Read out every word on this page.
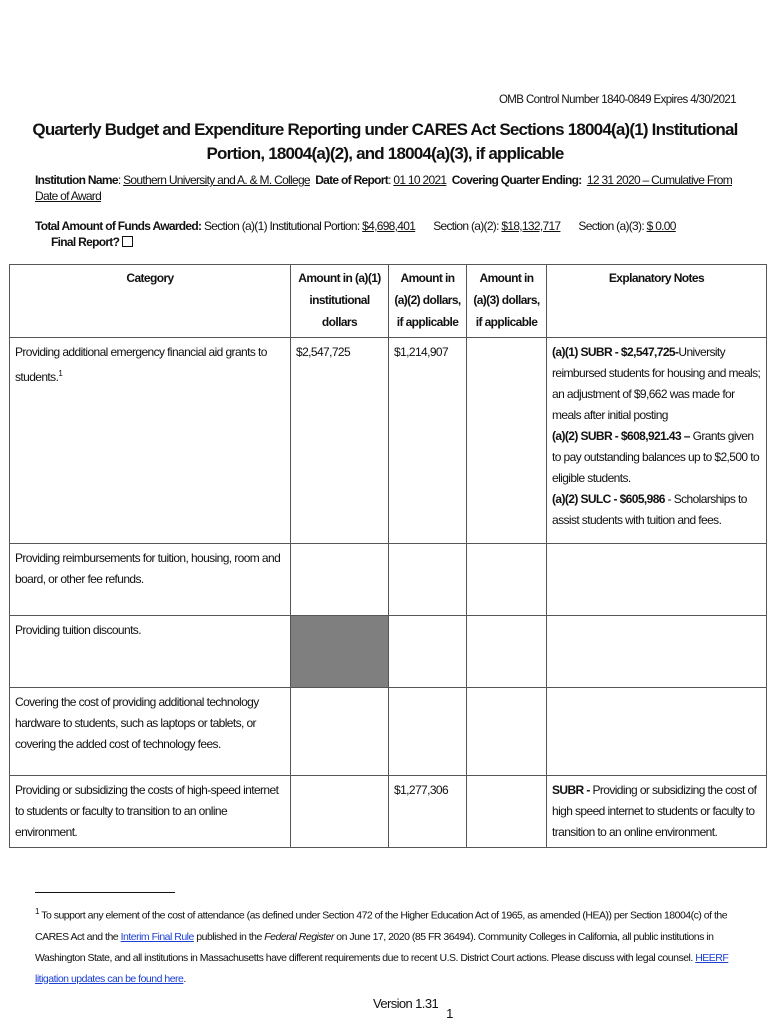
OMB Control Number 1840-0849 Expires 4/30/2021
Quarterly Budget and Expenditure Reporting under CARES Act Sections 18004(a)(1) Institutional Portion, 18004(a)(2), and 18004(a)(3), if applicable
Institution Name: Southern University and A. & M. College Date of Report: 01 10 2021 Covering Quarter Ending: 12 31 2020 – Cumulative From Date of Award
Total Amount of Funds Awarded: Section (a)(1) Institutional Portion: $4,698,401 Section (a)(2): $18,132,717 Section (a)(3): $ 0.00
Final Report?
Category	Amount in (a)(1) institutional dollars	Amount in (a)(2) dollars, if applicable	Amount in (a)(3) dollars, if applicable	Explanatory Notes
Providing additional emergency financial aid grants to students.$^1$	$2,547,725	$1,214,907		(a)(1) SUBR - $2,547,725-University reimbursed students for housing and meals; an adjustment of $9,662 was made for meals after initial posting
(a)(2) SUBR - $608,921.43 – Grants given to pay outstanding balances up to $2,500 to eligible students.
(a)(2) SULC - $605,986 - Scholarships to assist students with tuition and fees.

Providing reimbursements for tuition, housing, room and board, or other fee refunds.				
Providing tuition discounts.				
Covering the cost of providing additional technology hardware to students, such as laptops or tablets, or covering the added cost of technology fees.				
Providing or subsidizing the costs of high-speed internet to students or faculty to transition to an online environment.		$1,277,306		SUBR - Providing or subsidizing the cost of high speed internet to students or faculty to transition to an online environment.
$^1$ To support any element of the cost of attendance (as defined under Section 472 of the Higher Education Act of 1965, as amended (HEA)) per Section 18004(c) of the CARES Act and the Interim Final Rule published in the Federal Register on June 17, 2020 (85 FR 36494). Community Colleges in California, all public institutions in Washington State, and all institutions in Massachusetts have different requirements due to recent U.S. District Court actions. Please discuss with legal counsel. HEERF litigation updates can be found here.
Version 1.31
1
